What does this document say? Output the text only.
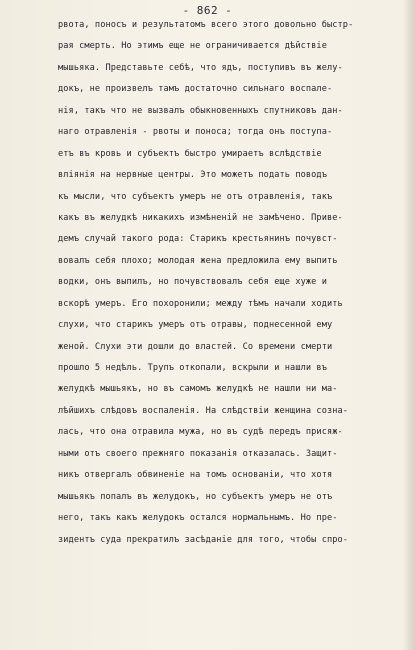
- 862 -
рвота, поносъ и результатомъ всего этого довольно быстр-
рая смерть. Но этимъ еще не ограничивается дѣйствiе
мышьяка. Представьте себѣ, что ядъ, поступивъ въ желу-
докъ, не произвелъ тамъ достаточно сильнаго воспале-
нiя, такъ что не вызвалъ обыкновенныхъ спутниковъ дан-
наго отравленiя - рвоты и поноса; тогда онъ поступа-
етъ въ кровь и субъектъ быстро умираетъ вслѣдствiе
влiянiя на нервные центры. Это можетъ подать поводъ
къ мысли, что субъектъ умеръ не отъ отравленiя, такъ
какъ въ желудкѣ никакихъ измѣненiй не замѣчено. Приве-
демъ случай такого рода: Старикъ крестьянинъ почувст-
вовалъ себя плохо; молодая жена предложила ему выпить
водки, онъ выпилъ, но почувствовалъ себя еще хуже и
вскорѣ умеръ. Его похоронили; между тѣмъ начали ходить
слухи, что старикъ умеръ отъ отравы, поднесенной ему
женой. Слухи эти дошли до властей. Со времени смерти
прошло 5 недѣль. Трупъ откопали, вскрыли и нашли въ
желудкѣ мышьякъ, но въ самомъ желудкѣ не нашли ни ма-
лѣйшихъ слѣдовъ воспаленiя. На слѣдствiи женщина созна-
лась, что она отравила мужа, но въ судѣ передъ присяж-
ными отъ своего прежняго показанiя отказалась. Защит-
никъ отвергалъ обвиненiе на томъ основанiи, что хотя
мышьякъ попалъ въ желудокъ, но субъектъ умеръ не отъ
него, такъ какъ желудокъ остался нормальнымъ. Но пре-
зидентъ суда прекратилъ засѣданiе для того, чтобы спро-
